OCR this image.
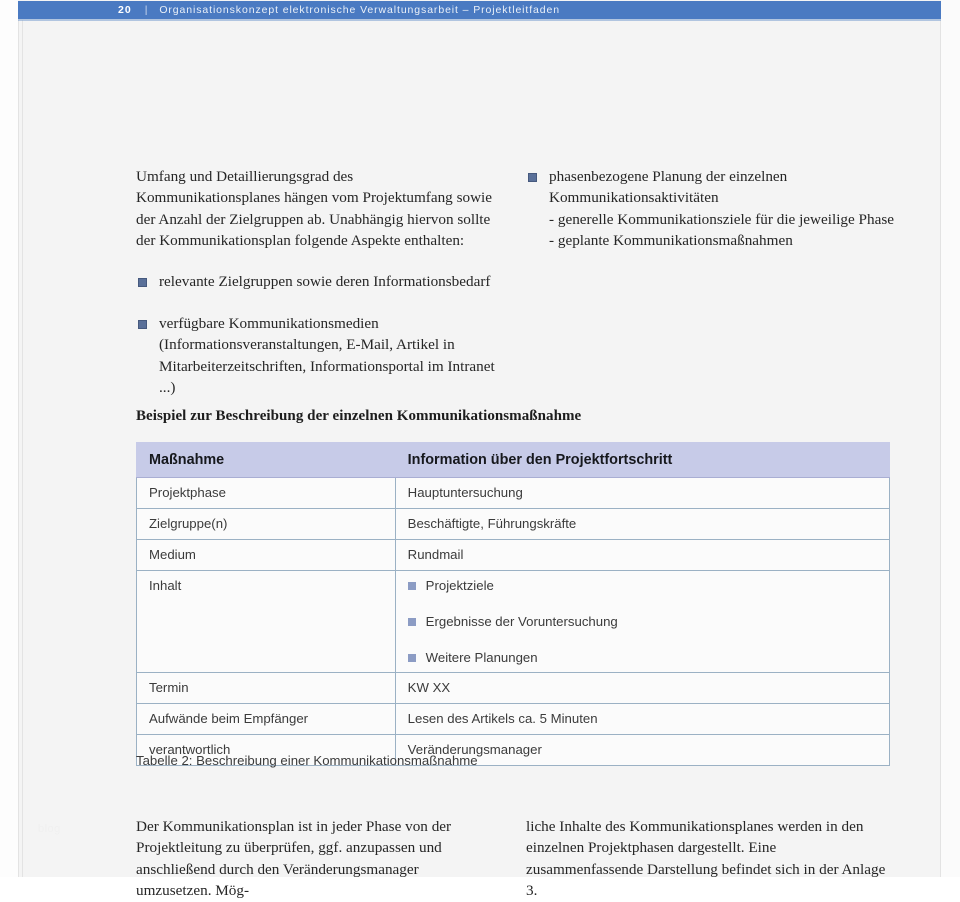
20	|	Organisationskonzept elektronische Verwaltungsarbeit – Projektleitfaden

Umfang und Detaillierungsgrad des Kommunikationsplanes hängen vom Projektumfang sowie der Anzahl der Zielgruppen ab. Unabhängig hiervon sollte der Kommunikationsplan folgende Aspekte enthalten:

relevante Zielgruppen sowie deren Informationsbedarf
verfügbare Kommunikationsmedien (Informationsveranstaltungen, E-Mail, Artikel in Mitarbeiterzeitschriften, Informationsportal im Intranet ...)
phasenbezogene Planung der einzelnen Kommunikationsaktivitäten
- generelle Kommunikationsziele für die jeweilige Phase
- geplante Kommunikationsmaßnahmen
Beispiel zur Beschreibung der einzelnen Kommunikationsmaßnahme
Maßnahme	Information über den Projektfortschritt
Projektphase	Hauptuntersuchung
Zielgruppe(n)	Beschäftigte, Führungskräfte
Medium	Rundmail
Inhalt	Projektziele
Ergebnisse der Voruntersuchung
Weitere Planungen

Termin	KW XX
Aufwände beim Empfänger	Lesen des Artikels ca. 5 Minuten
verantwortlich	Veränderungsmanager
Tabelle 2: Beschreibung einer Kommunikationsmaßnahme

Der Kommunikationsplan ist in jeder Phase von der Projektleitung zu überprüfen, ggf. anzupassen und anschließend durch den Veränderungsmanager umzusetzen. Mög-

liche Inhalte des Kommunikationsplanes werden in den einzelnen Projektphasen dargestellt. Eine zusammenfassende Darstellung befindet sich in der Anlage 3.

blog
